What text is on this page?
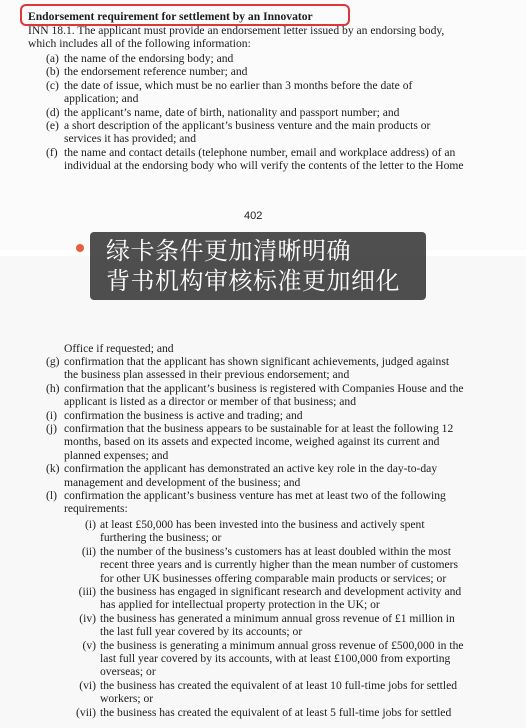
Endorsement requirement for settlement by an Innovator
INN 18.1. The applicant must provide an endorsement letter issued by an endorsing body,
which includes all of the following information:
(a) the name of the endorsing body; and
(b) the endorsement reference number; and
(c) the date of issue, which must be no earlier than 3 months before the date of
application; and
(d) the applicant’s name, date of birth, nationality and passport number; and
(e) a short description of the applicant’s business venture and the main products or
services it has provided; and
(f) the name and contact details (telephone number, email and workplace address) of an
individual at the endorsing body who will verify the contents of the letter to the Home
402
绿卡条件更加清晰明确
背书机构审核标准更加细化
Office if requested; and
(g) confirmation that the applicant has shown significant achievements, judged against
the business plan assessed in their previous endorsement; and
(h) confirmation that the applicant’s business is registered with Companies House and the
applicant is listed as a director or member of that business; and
(i) confirmation the business is active and trading; and
(j) confirmation that the business appears to be sustainable for at least the following 12
months, based on its assets and expected income, weighed against its current and
planned expenses; and
(k) confirmation the applicant has demonstrated an active key role in the day-to-day
management and development of the business; and
(l) confirmation the applicant’s business venture has met at least two of the following
requirements:
(i) at least £50,000 has been invested into the business and actively spent
furthering the business; or
(ii) the number of the business’s customers has at least doubled within the most
recent three years and is currently higher than the mean number of customers
for other UK businesses offering comparable main products or services; or
(iii) the business has engaged in significant research and development activity and
has applied for intellectual property protection in the UK; or
(iv) the business has generated a minimum annual gross revenue of £1 million in
the last full year covered by its accounts; or
(v) the business is generating a minimum annual gross revenue of £500,000 in the
last full year covered by its accounts, with at least £100,000 from exporting
overseas; or
(vi) the business has created the equivalent of at least 10 full-time jobs for settled
workers; or
(vii) the business has created the equivalent of at least 5 full-time jobs for settled
